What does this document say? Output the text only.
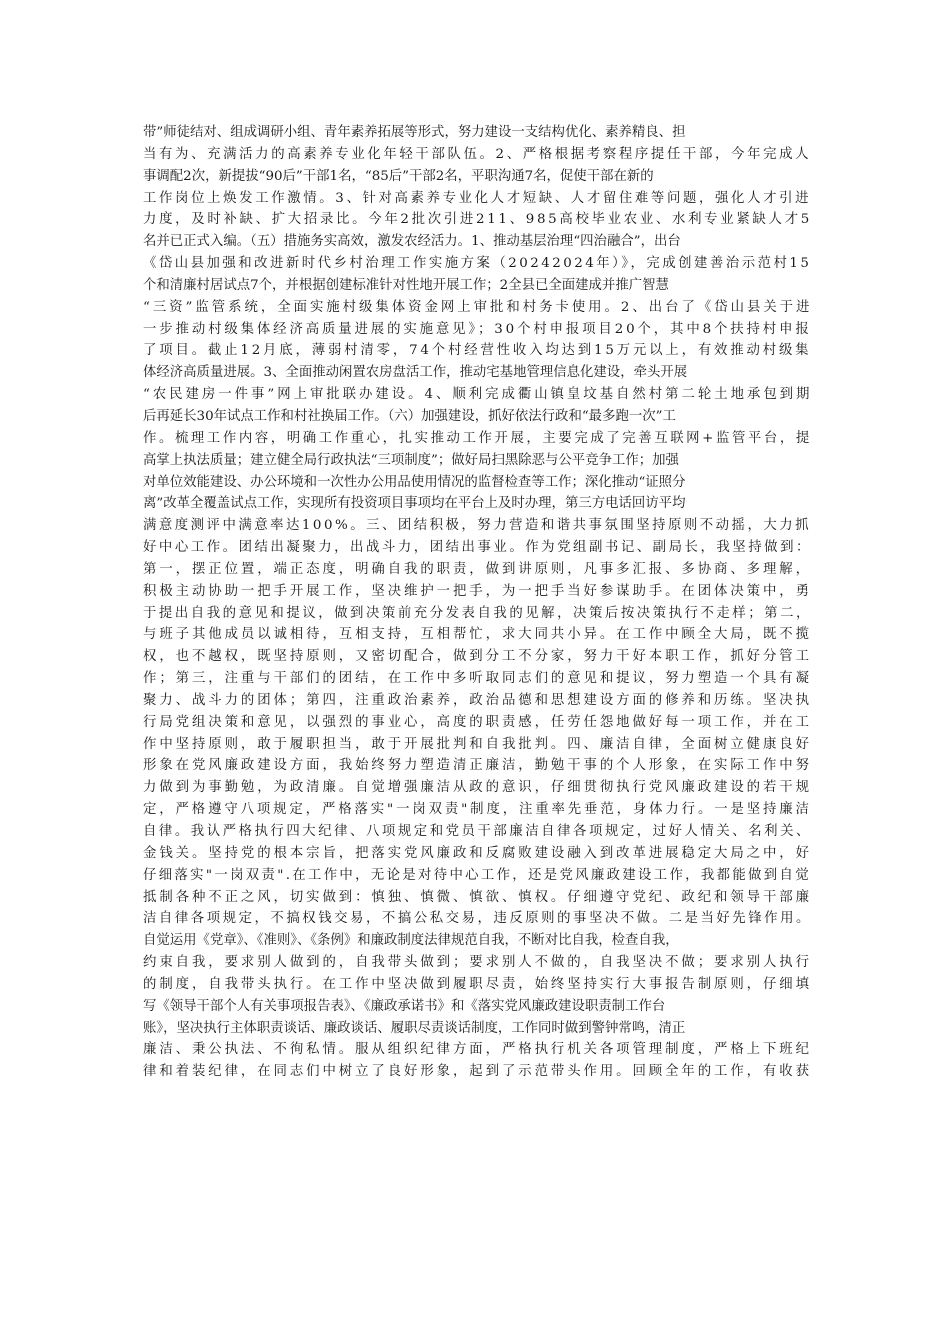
带”师徒结对、组成调研小组、青年素养拓展等形式，努力建设一支结构优化、素养精良、担
当有为、充满活力的高素养专业化年轻干部队伍。2、严格根据考察程序提任干部，今年完成人
事调配2次，新提拔“90后”干部1名，“85后”干部2名，平职沟通7名，促使干部在新的
工作岗位上焕发工作激情。3、针对高素养专业化人才短缺、人才留住难等问题，强化人才引进
力度，及时补缺、扩大招录比。今年2批次引进211、985高校毕业农业、水利专业紧缺人才5
名并已正式入编。（五）措施务实高效，激发农经活力。1、推动基层治理“四治融合”，出台
《岱山县加强和改进新时代乡村治理工作实施方案（20242024年）》，完成创建善治示范村15
个和清廉村居试点7个，并根据创建标准针对性地开展工作；2全县已全面建成并推广智慧
“三资”监管系统，全面实施村级集体资金网上审批和村务卡使用。2、出台了《岱山县关于进
一步推动村级集体经济高质量进展的实施意见》；30个村申报项目20个，其中8个扶持村申报
了项目。截止12月底，薄弱村清零，74个村经营性收入均达到15万元以上，有效推动村级集
体经济高质量进展。3、全面推动闲置农房盘活工作，推动宅基地管理信息化建设，牵头开展
“农民建房一件事”网上审批联办建设。4、顺利完成衢山镇皇坟基自然村第二轮土地承包到期
后再延长30年试点工作和村社换届工作。（六）加强建设，抓好依法行政和“最多跑一次”工
作。梳理工作内容，明确工作重心，扎实推动工作开展，主要完成了完善互联网+监管平台，提
高掌上执法质量；建立健全局行政执法“三项制度”；做好局扫黑除恶与公平竞争工作；加强
对单位效能建设、办公环境和一次性办公用品使用情况的监督检查等工作；深化推动“证照分
离”改革全覆盖试点工作，实现所有投资项目事项均在平台上及时办理，第三方电话回访平均
满意度测评中满意率达100%。三、团结积极，努力营造和谐共事氛围坚持原则不动摇，大力抓
好中心工作。团结出凝聚力，出战斗力，团结出事业。作为党组副书记、副局长，我坚持做到：
第一，摆正位置，端正态度，明确自我的职责，做到讲原则，凡事多汇报、多协商、多理解，
积极主动协助一把手开展工作，坚决维护一把手，为一把手当好参谋助手。在团体决策中，勇
于提出自我的意见和提议，做到决策前充分发表自我的见解，决策后按决策执行不走样；第二，
与班子其他成员以诚相待，互相支持，互相帮忙，求大同共小异。在工作中顾全大局，既不揽
权，也不越权，既坚持原则，又密切配合，做到分工不分家，努力干好本职工作，抓好分管工
作；第三，注重与干部们的团结，在工作中多听取同志们的意见和提议，努力塑造一个具有凝
聚力、战斗力的团体；第四，注重政治素养，政治品德和思想建设方面的修养和历练。坚决执
行局党组决策和意见，以强烈的事业心，高度的职责感，任劳任怨地做好每一项工作，并在工
作中坚持原则，敢于履职担当，敢于开展批判和自我批判。四、廉洁自律，全面树立健康良好
形象在党风廉政建设方面，我始终努力塑造清正廉洁，勤勉干事的个人形象，在实际工作中努
力做到为事勤勉，为政清廉。自觉增强廉洁从政的意识，仔细贯彻执行党风廉政建设的若干规
定，严格遵守八项规定，严格落实"一岗双责"制度，注重率先垂范，身体力行。一是坚持廉洁
自律。我认严格执行四大纪律、八项规定和党员干部廉洁自律各项规定，过好人情关、名利关、
金钱关。坚持党的根本宗旨，把落实党风廉政和反腐败建设融入到改革进展稳定大局之中，好
仔细落实"一岗双责".在工作中，无论是对待中心工作，还是党风廉政建设工作，我都能做到自觉
抵制各种不正之风，切实做到：慎独、慎微、慎欲、慎权。仔细遵守党纪、政纪和领导干部廉
洁自律各项规定，不搞权钱交易，不搞公私交易，违反原则的事坚决不做。二是当好先锋作用。
自觉运用《党章》、《准则》、《条例》和廉政制度法律规范自我，不断对比自我，检查自我，
约束自我，要求别人做到的，自我带头做到；要求别人不做的，自我坚决不做；要求别人执行
的制度，自我带头执行。在工作中坚决做到履职尽责，始终坚持实行大事报告制原则，仔细填
写《领导干部个人有关事项报告表》、《廉政承诺书》和《落实党风廉政建设职责制工作台
账》，坚决执行主体职责谈话、廉政谈话、履职尽责谈话制度，工作同时做到警钟常鸣，清正
廉洁、秉公执法、不徇私情。服从组织纪律方面，严格执行机关各项管理制度，严格上下班纪
律和着装纪律，在同志们中树立了良好形象，起到了示范带头作用。回顾全年的工作，有收获
